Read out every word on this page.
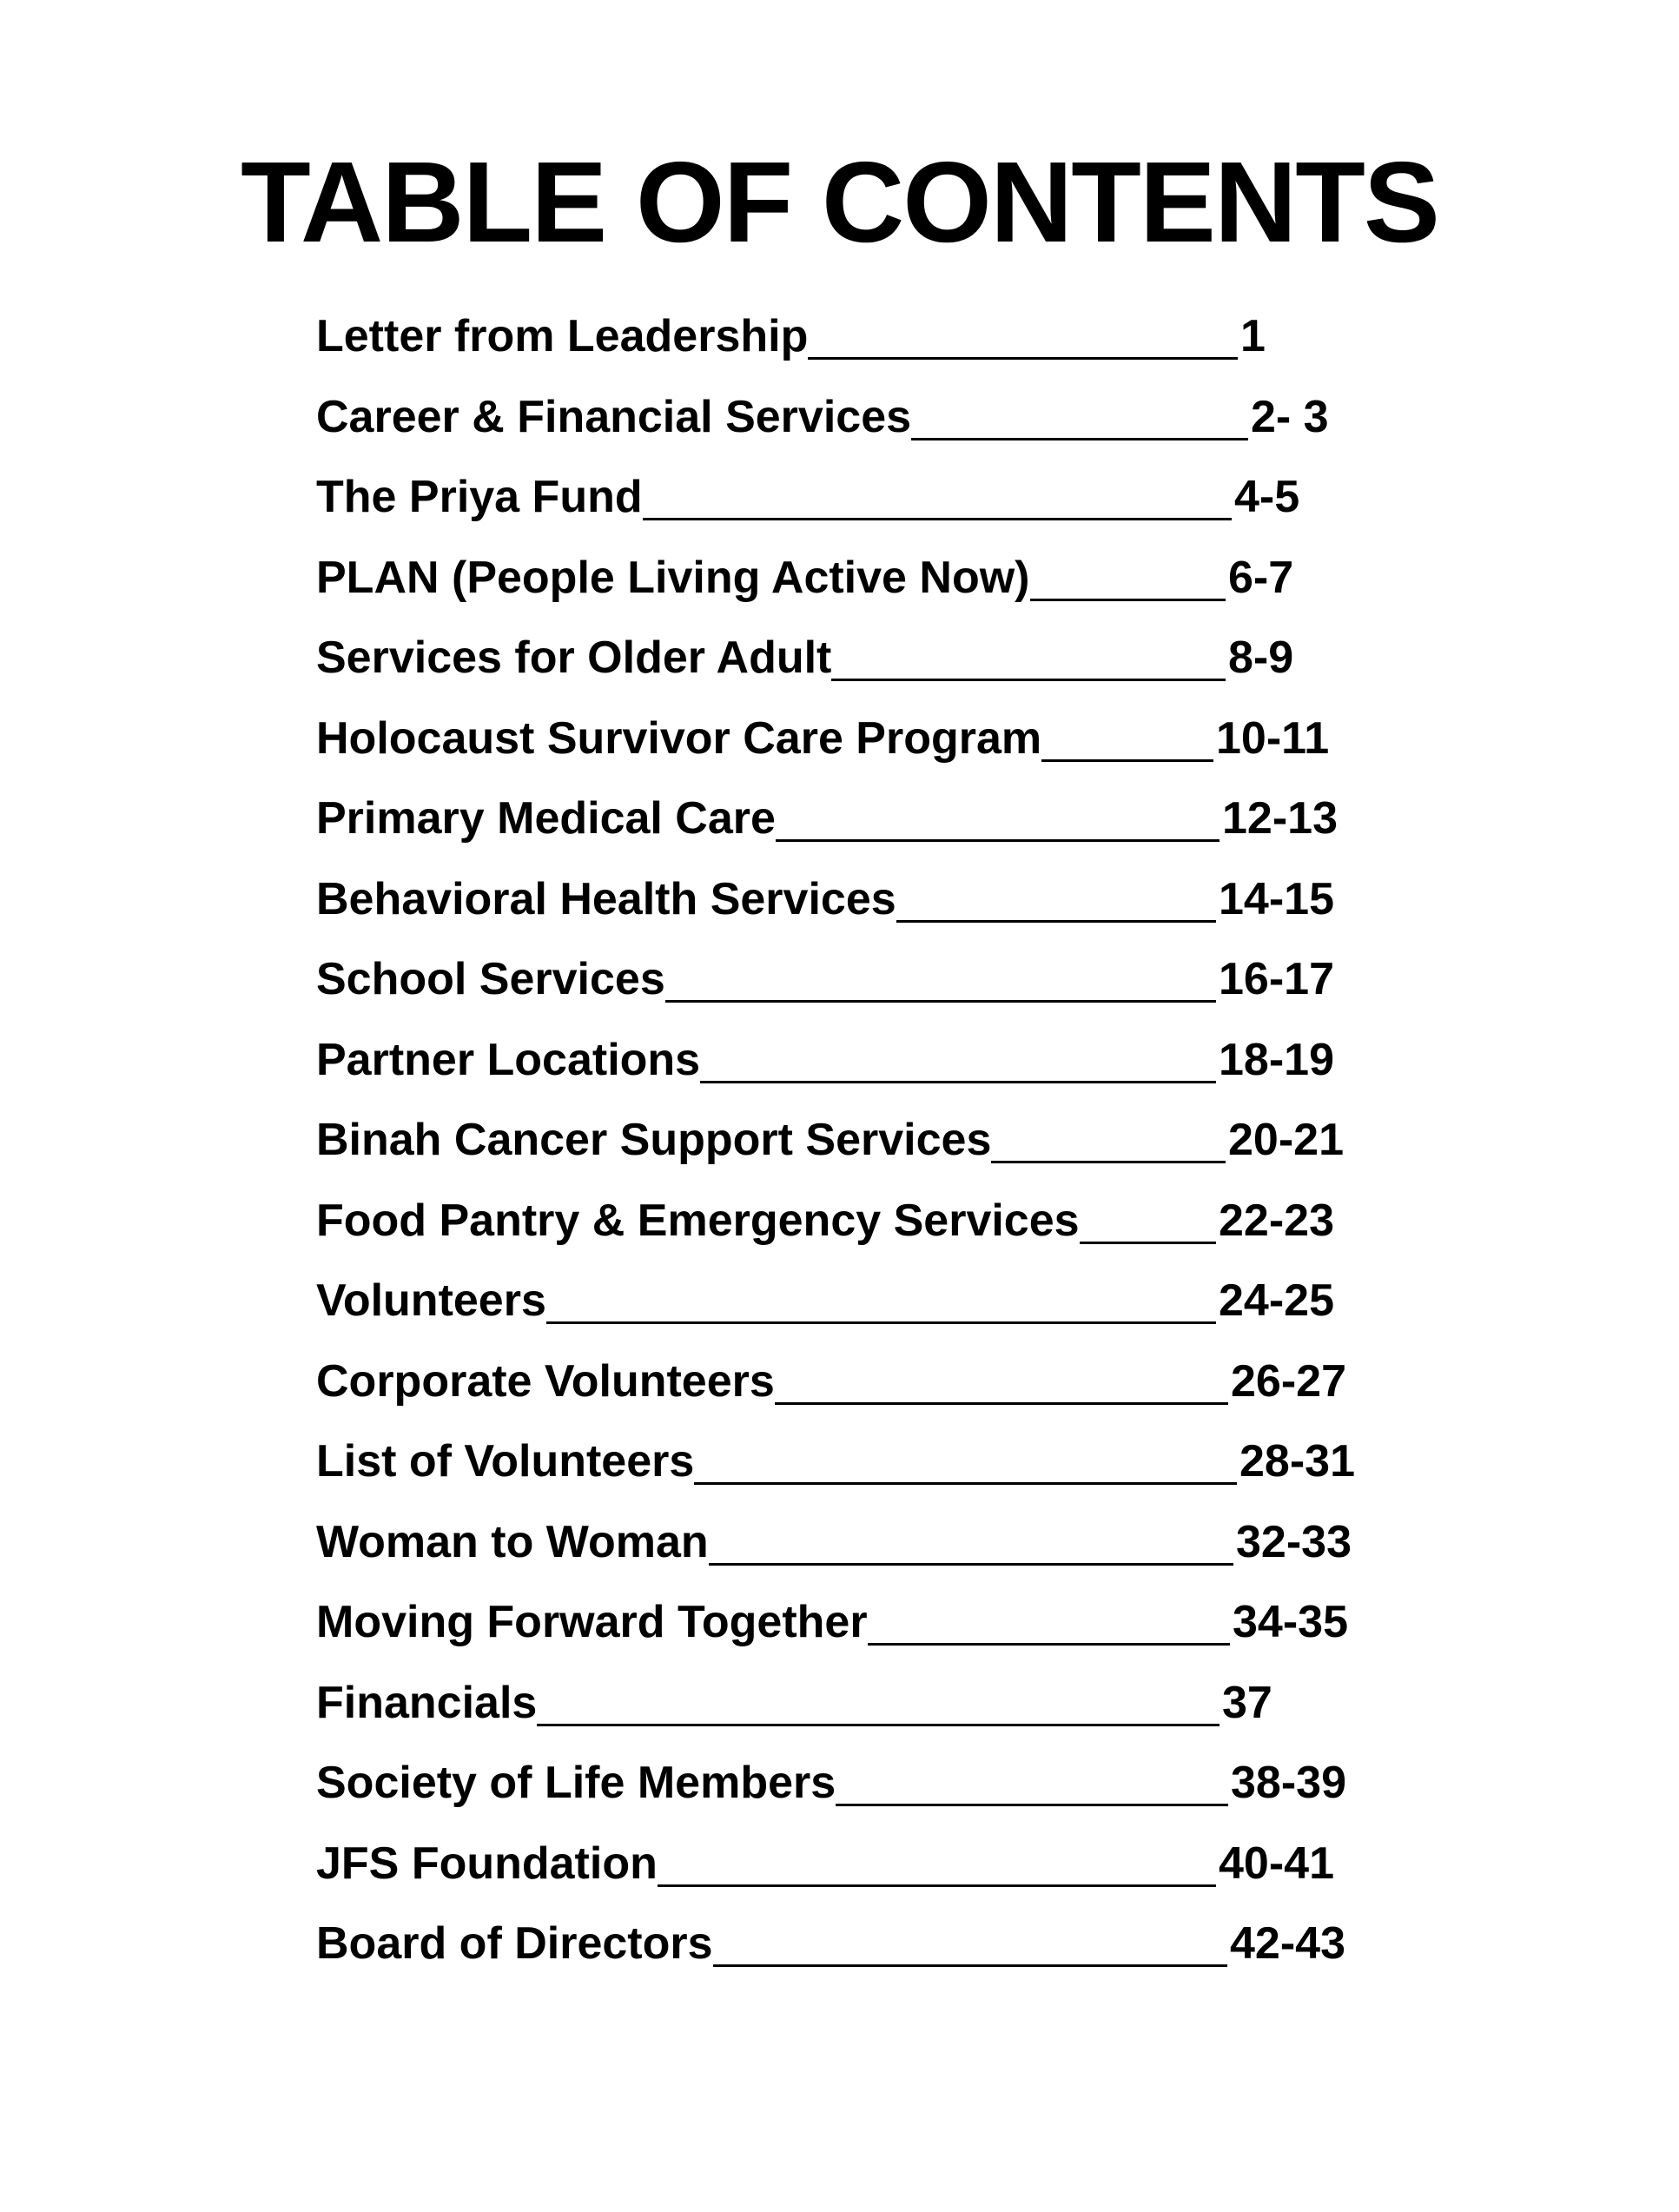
TABLE OF CONTENTS
Letter from Leadership	1
Career & Financial Services	2- 3
The Priya Fund	4-5
PLAN (People Living Active Now)	6-7
Services for Older Adult	8-9
Holocaust Survivor Care Program	10-11
Primary Medical Care	12-13
Behavioral Health Services	14-15
School Services	16-17
Partner Locations	18-19
Binah Cancer Support Services	20-21
Food Pantry & Emergency Services	22-23
Volunteers	24-25
Corporate Volunteers	26-27
List of Volunteers	28-31
Woman to Woman	32-33
Moving Forward Together	34-35
Financials	37
Society of Life Members	38-39
JFS Foundation	40-41
Board of Directors	42-43
